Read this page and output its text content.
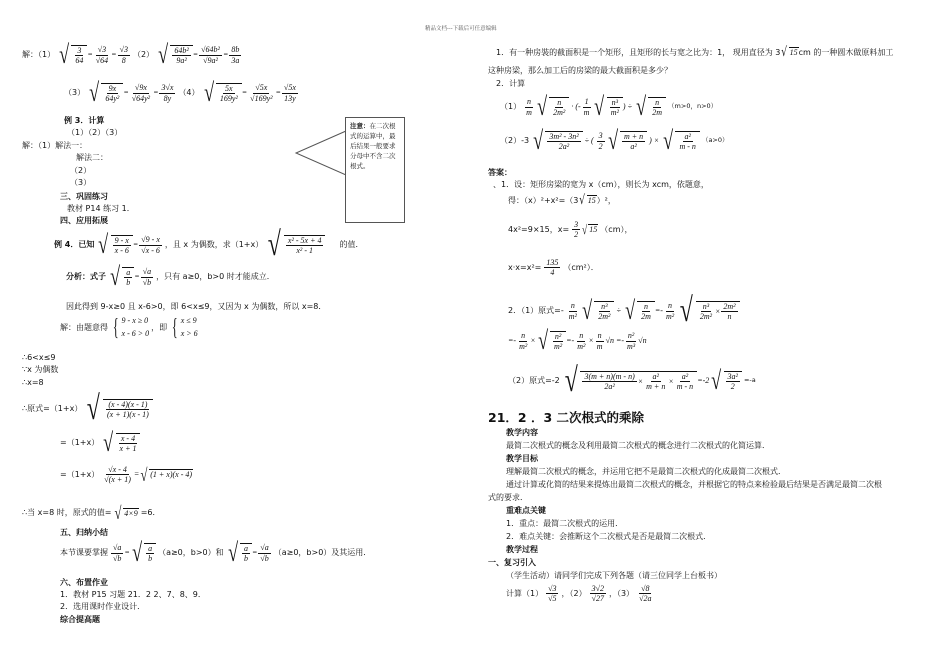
精品文档---下载后可任意编辑
解：（1） √ $\frac{3}{64} = \frac{√3}{√64} = \frac{√3}{8} (2)$ √ $\frac{\text{64b²}}{\text{9a²}} = \frac{\text{√64b²}}{\text{√9a²}} = \frac{8b}{3a}$
（3） √ $\frac{9x}{\text{64y²}} = \frac{√9x}{\text{√64y²}} = \frac{3√x}{8y} (4)$ √ $\frac{5x}{\text{169y²}} = \frac{√5x}{\text{√169y²}} = \frac{√5x}{13y}$
例 3．计算
（1）（2）（3）
解：（1）解法一：
解法二：
（2）
（3）
三、巩固练习
教材 P14 练习 1．
四、应用拓展
例 4．已知 √ $\frac{9 - x}{x - 6} = \frac{√9 - x}{√x - 6}$ ，且 x 为偶数，求（1+x） √ $\frac{\text{x² - 5x + 4}}{\text{x² - 1}}$ 的值．
分析：式子 √ $\frac{a}{b} = \frac{√a}{√b}$ ，只有 a≥0，b>0 时才能成立．
因此得到 9-x≥0 且 x-6>0，即 6<x≤9，又因为 x 为偶数，所以 x=8．
解：由题意得 { 9 - x ≥ 0
x - 6 > 0
，即 { x ≤ 9
x > 6
∴6<x≤9
∵x 为偶数
∴x=8
∴原式=（1+x） √ $\frac{(x - 4)(x - 1)}{(x + 1)(x - 1)}$
=（1+x） √ $\frac{x - 4}{x + 1}$
$=(1+x) \frac{√x - 4}{√(x + 1)}$ = √ (1 + x)(x - 4)
∴当 x=8 时，原式的值= √ 4×9 =6．
五、归纳小结
本节课要掌握 $\frac{√a}{√b}$ = √ $\frac{a}{b} (a\ge 0$，b>0）和 √ $\frac{a}{b} = \frac{√a}{√b} (a\ge 0$，b>0）及其运用．
六、布置作业
1．教材 P15 习题 21．2 2、7、8、9．
2．选用课时作业设计．
综合提高题
注意：在二次根式的运算中，最后结果一般要求分母中不含二次根式。
1．有一种房裝的截面积是一个矩形，且矩形的长与宽之比为：1， 现用直径为 3 √ 15 cm 的一种圆木做原料加工
这种房梁，那么加工后的房梁的最大截面积是多少？
2．计算
$(1) \frac{n}{m}$ √ $\frac{n}{\text{2m²}}$ · (- $\frac{1}{m}$ √ $\frac{\text{n³}}{\text{m²}}$ ) ÷ √ $\frac{n}{2m} (m>0$，n>0）
（2）-3 √ $\frac{\text{3m² - 3n²}}{\text{2a²}}$ ÷ ( $\frac{3}{2}$ √ $\frac{m + n}{\text{a²}}$ ) × √ $\frac{\text{a²}}{m - n} (a>0)$
答案：
、1．设：矩形房梁的宽为 x（cm），则长为 xcm，依题意，
得：（x）²+x²=（3 √ 15 ）²，
4x²=9×15，$x= \frac{3}{2}$ √ 15 （cm），
$x\cdot x=x^2= \frac{135}{4} (cm^2)$．
2．（1）原式=- $\frac{n}{\text{m²}}$ √ $\frac{\text{n³}}{\text{2m²}}$ ÷ √ $\frac{n}{2m} =- \frac{n}{\text{m²}}$ √ $\frac{\text{n³}}{\text{2m²}} \times \frac{\text{2m²}}{n}$
=- $\frac{n}{\text{m²}}$ × √ $\frac{\text{n²}}{\text{m²}} =- \frac{n}{\text{m²}} \times \frac{n}{m} √n =- \frac{\text{n²}}{\text{m³}} √n$
（2）原式=-2 √ $\frac{3(m + n)(m - n)}{\text{2a²}} \times \frac{\text{a²}}{m + n} \times \frac{\text{a²}}{m - n} =-2$ √ $\frac{\text{3a²}}{2} =-a$
21．2 ．3 二次根式的乘除
教学内容
最简二次根式的概念及利用最简二次根式的概念进行二次根式的化简运算．
教学目标
理解最简二次根式的概念，并运用它把不是最简二次根式的化成最简二次根式．
通过计算或化简的结果来提炼出最简二次根式的概念，并根据它的特点来检验最后结果是否满足最简二次根
式的要求．
重难点关键
1．重点：最简二次根式的运用．
2．难点关键：会推断这个二次根式是否是最简二次根式．
教学过程
一、复习引入
（学生活动）请同学们完成下列各题（请三位同学上台板书）
计算$(1) \frac{√3}{√5}$ ，$(2) \frac{3√2}{√27}$ ，$(3) \frac{√8}{√2a}$
